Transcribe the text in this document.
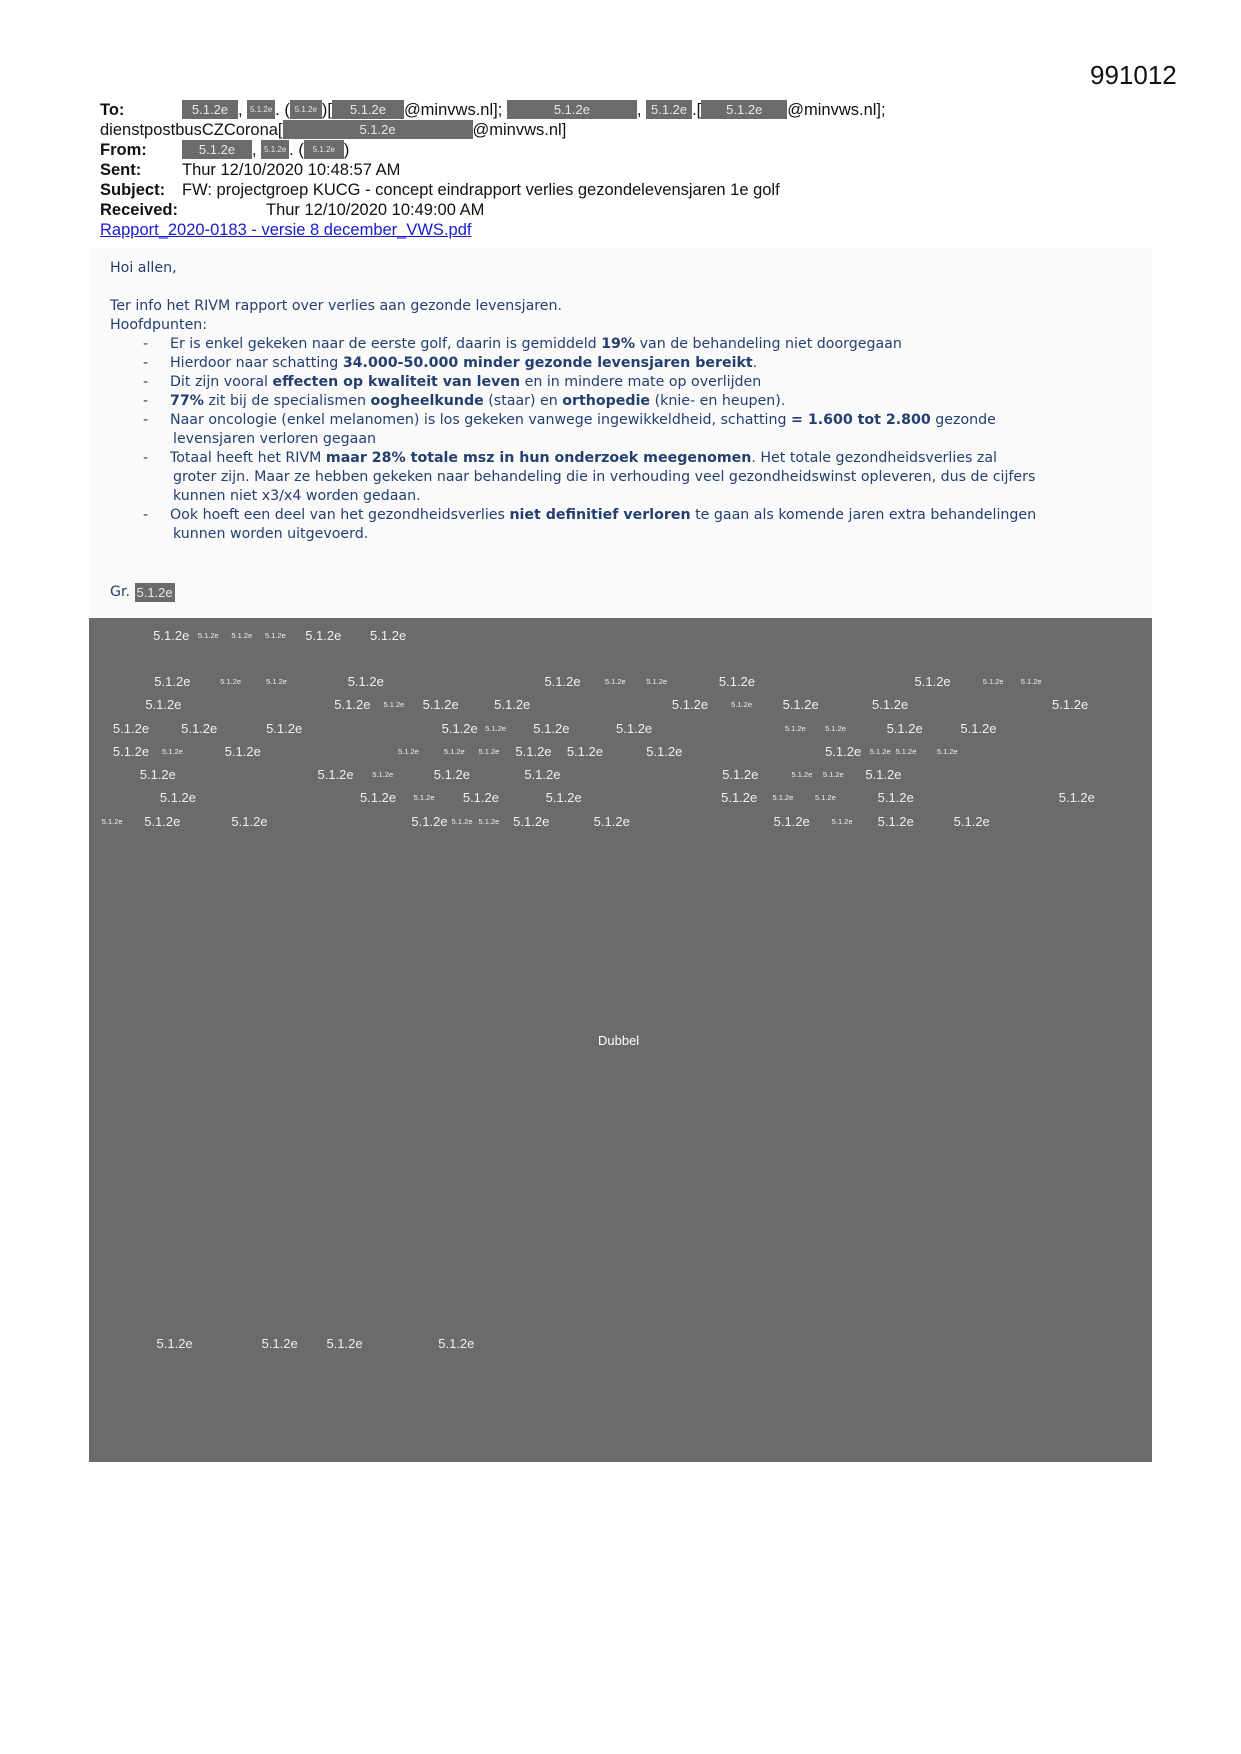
991012
To:	5.1.2e , 5.1.2e . ( 5.1.2e )[ 5.1.2e @minvws.nl];	5.1.2e	, 5.1.2e .[ 5.1.2e @minvws.nl];
dienstpostbusCZCorona[	5.1.2e	@minvws.nl]
From:	5.1.2e , 5.1.2e . ( 5.1.2e )
Sent: Thur 12/10/2020 10:48:57 AM
Subject: FW: projectgroep KUCG - concept eindrapport verlies gezondelevensjaren 1e golf
Received:	Thur 12/10/2020 10:49:00 AM
Rapport_2020-0183 - versie 8 december_VWS.pdf
Hoi allen,
Ter info het RIVM rapport over verlies aan gezonde levensjaren.
Hoofdpunten:
- Er is enkel gekeken naar de eerste golf, daarin is gemiddeld 19% van de behandeling niet doorgegaan
- Hierdoor naar schatting 34.000-50.000 minder gezonde levensjaren bereikt.
- Dit zijn vooral effecten op kwaliteit van leven en in mindere mate op overlijden
- 77% zit bij de specialismen oogheelkunde (staar) en orthopedie (knie- en heupen).
- Naar oncologie (enkel melanomen) is los gekeken vanwege ingewikkeldheid, schatting = 1.600 tot 2.800 gezonde
levensjaren verloren gegaan
- Totaal heeft het RIVM maar 28% totale msz in hun onderzoek meegenomen. Het totale gezondheidsverlies zal
groter zijn. Maar ze hebben gekeken naar behandeling die in verhouding veel gezondheidswinst opleveren, dus de cijfers
kunnen niet x3/x4 worden gedaan.
- Ook hoeft een deel van het gezondheidsverlies niet definitief verloren te gaan als komende jaren extra behandelingen
kunnen worden uitgevoerd.
Gr. 5.1.2e
5.1.2e 5.1.2e 5.1.2e 5.1.2e 5.1.2e 5.1.2e
5.1.2e	5.1.2e	5.1.2e	5.1.2e	5.1.2e	5.1.2e	5.1.2e	5.1.2e	5.1.2e	5.1.2e 5.1.2e
5.1.2e	5.1.2e 5.1.2e 5.1.2e	5.1.2e	5.1.2e	5.1.2e 5.1.2e	5.1.2e	5.1.2e
5.1.2e 5.1.2e	5.1.2e	5.1.2e 5.1.2e 5.1.2e	5.1.2e	5.1.2e	5.1.2e	5.1.2e	5.1.2e
5.1.2e 5.1.2e	5.1.2e	5.1.2e	5.1.2e 5.1.2e 5.1.2e 5.1.2e	5.1.2e	5.1.2e 5.1.2e 5.1.2e	5.1.2e
5.1.2e	5.1.2e 5.1.2e	5.1.2e	5.1.2e	5.1.2e	5.1.2e 5.1.2e 5.1.2e
5.1.2e	5.1.2e 5.1.2e 5.1.2e	5.1.2e	5.1.2e 5.1.2e	5.1.2e	5.1.2e	5.1.2e
5.1.2e 5.1.2e	5.1.2e	5.1.2e 5.1.2e 5.1.2e 5.1.2e	5.1.2e	5.1.2e	5.1.2e 5.1.2e	5.1.2e
5.1.2e	5.1.2e 5.1.2e	5.1.2e
Dubbel
